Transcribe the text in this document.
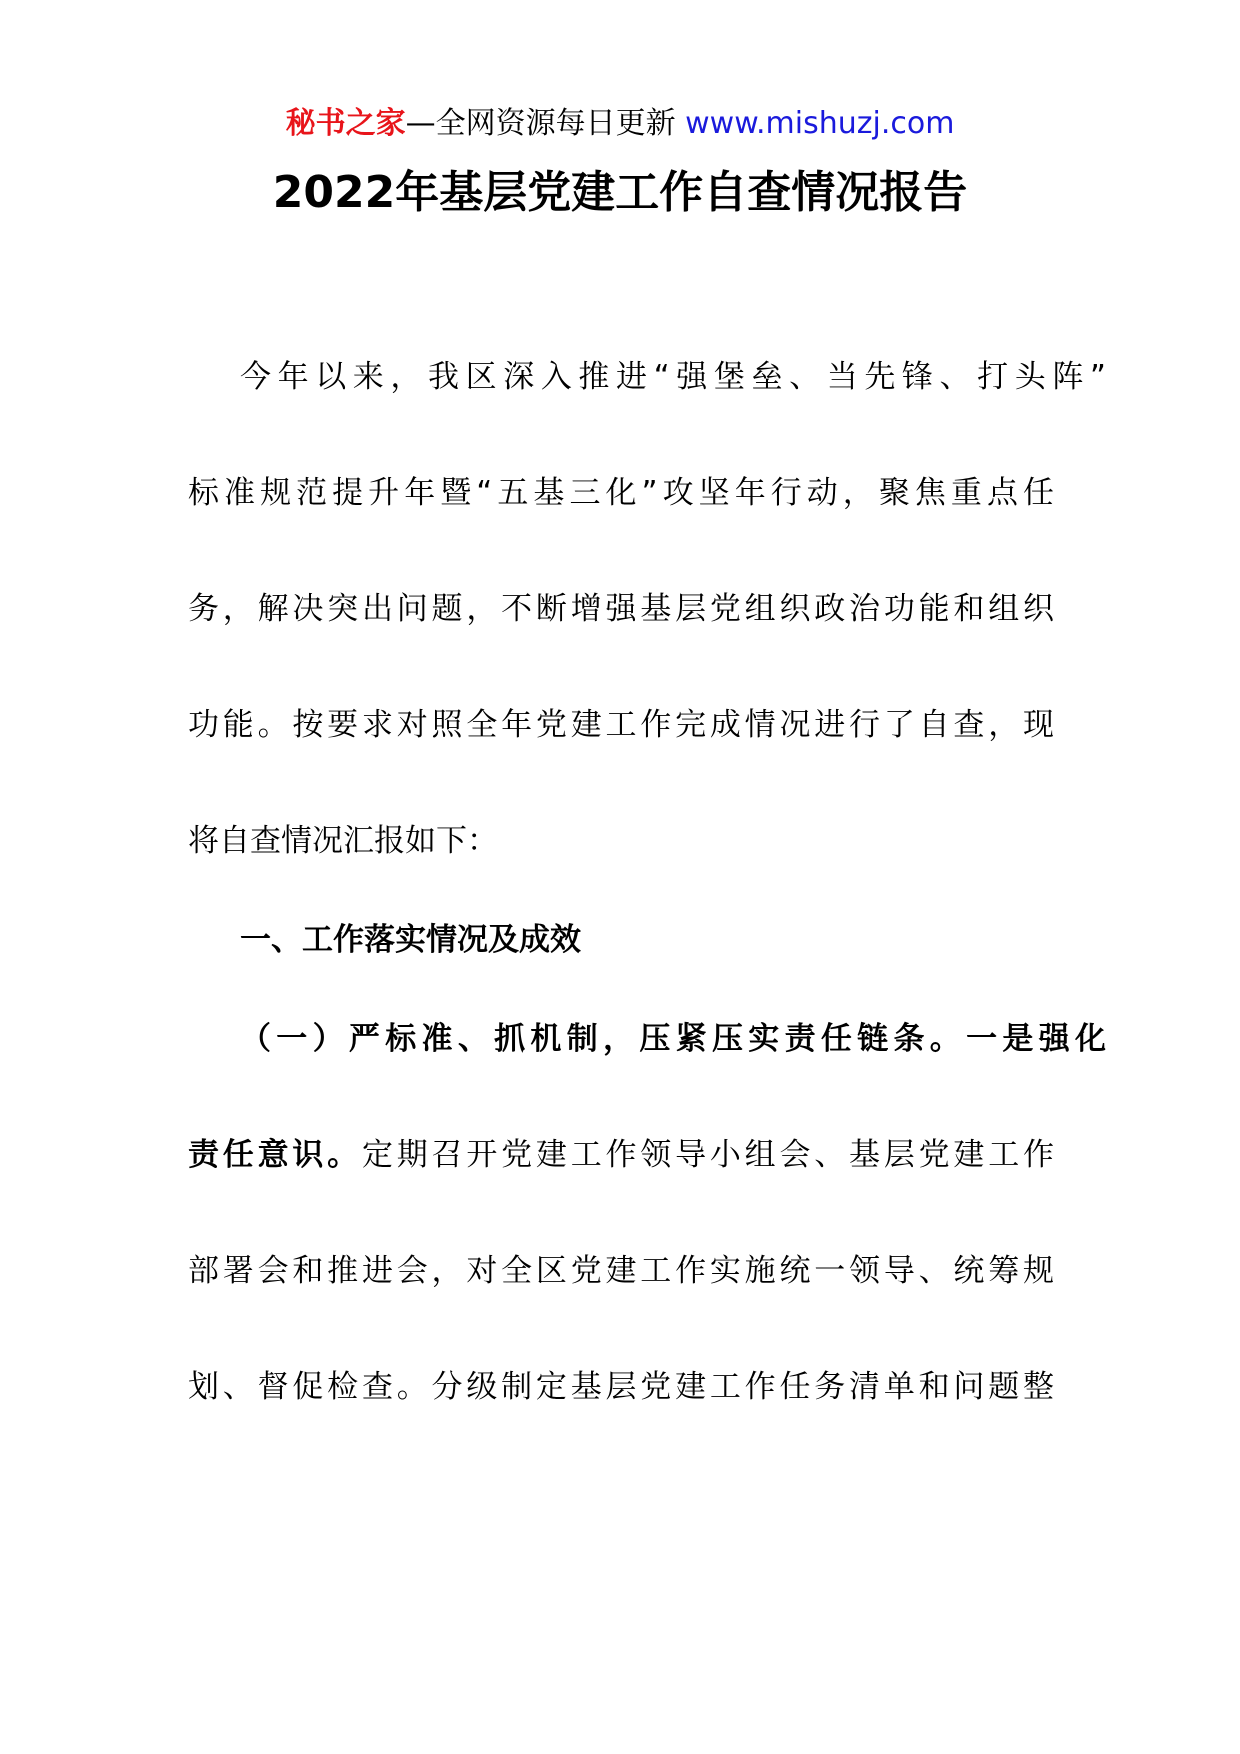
秘书之家—全网资源每日更新 www.mishuzj.com
2022年基层党建工作自查情况报告
今年以来，我区深入推进“强堡垒、当先锋、打头阵”
标准规范提升年暨“五基三化”攻坚年行动，聚焦重点任
务，解决突出问题，不断增强基层党组织政治功能和组织
功能。按要求对照全年党建工作完成情况进行了自查，现
将自查情况汇报如下：
一、工作落实情况及成效
（一）严标准、抓机制，压紧压实责任链条。一是强化
责任意识。定期召开党建工作领导小组会、基层党建工作
部署会和推进会，对全区党建工作实施统一领导、统筹规
划、督促检查。分级制定基层党建工作任务清单和问题整
